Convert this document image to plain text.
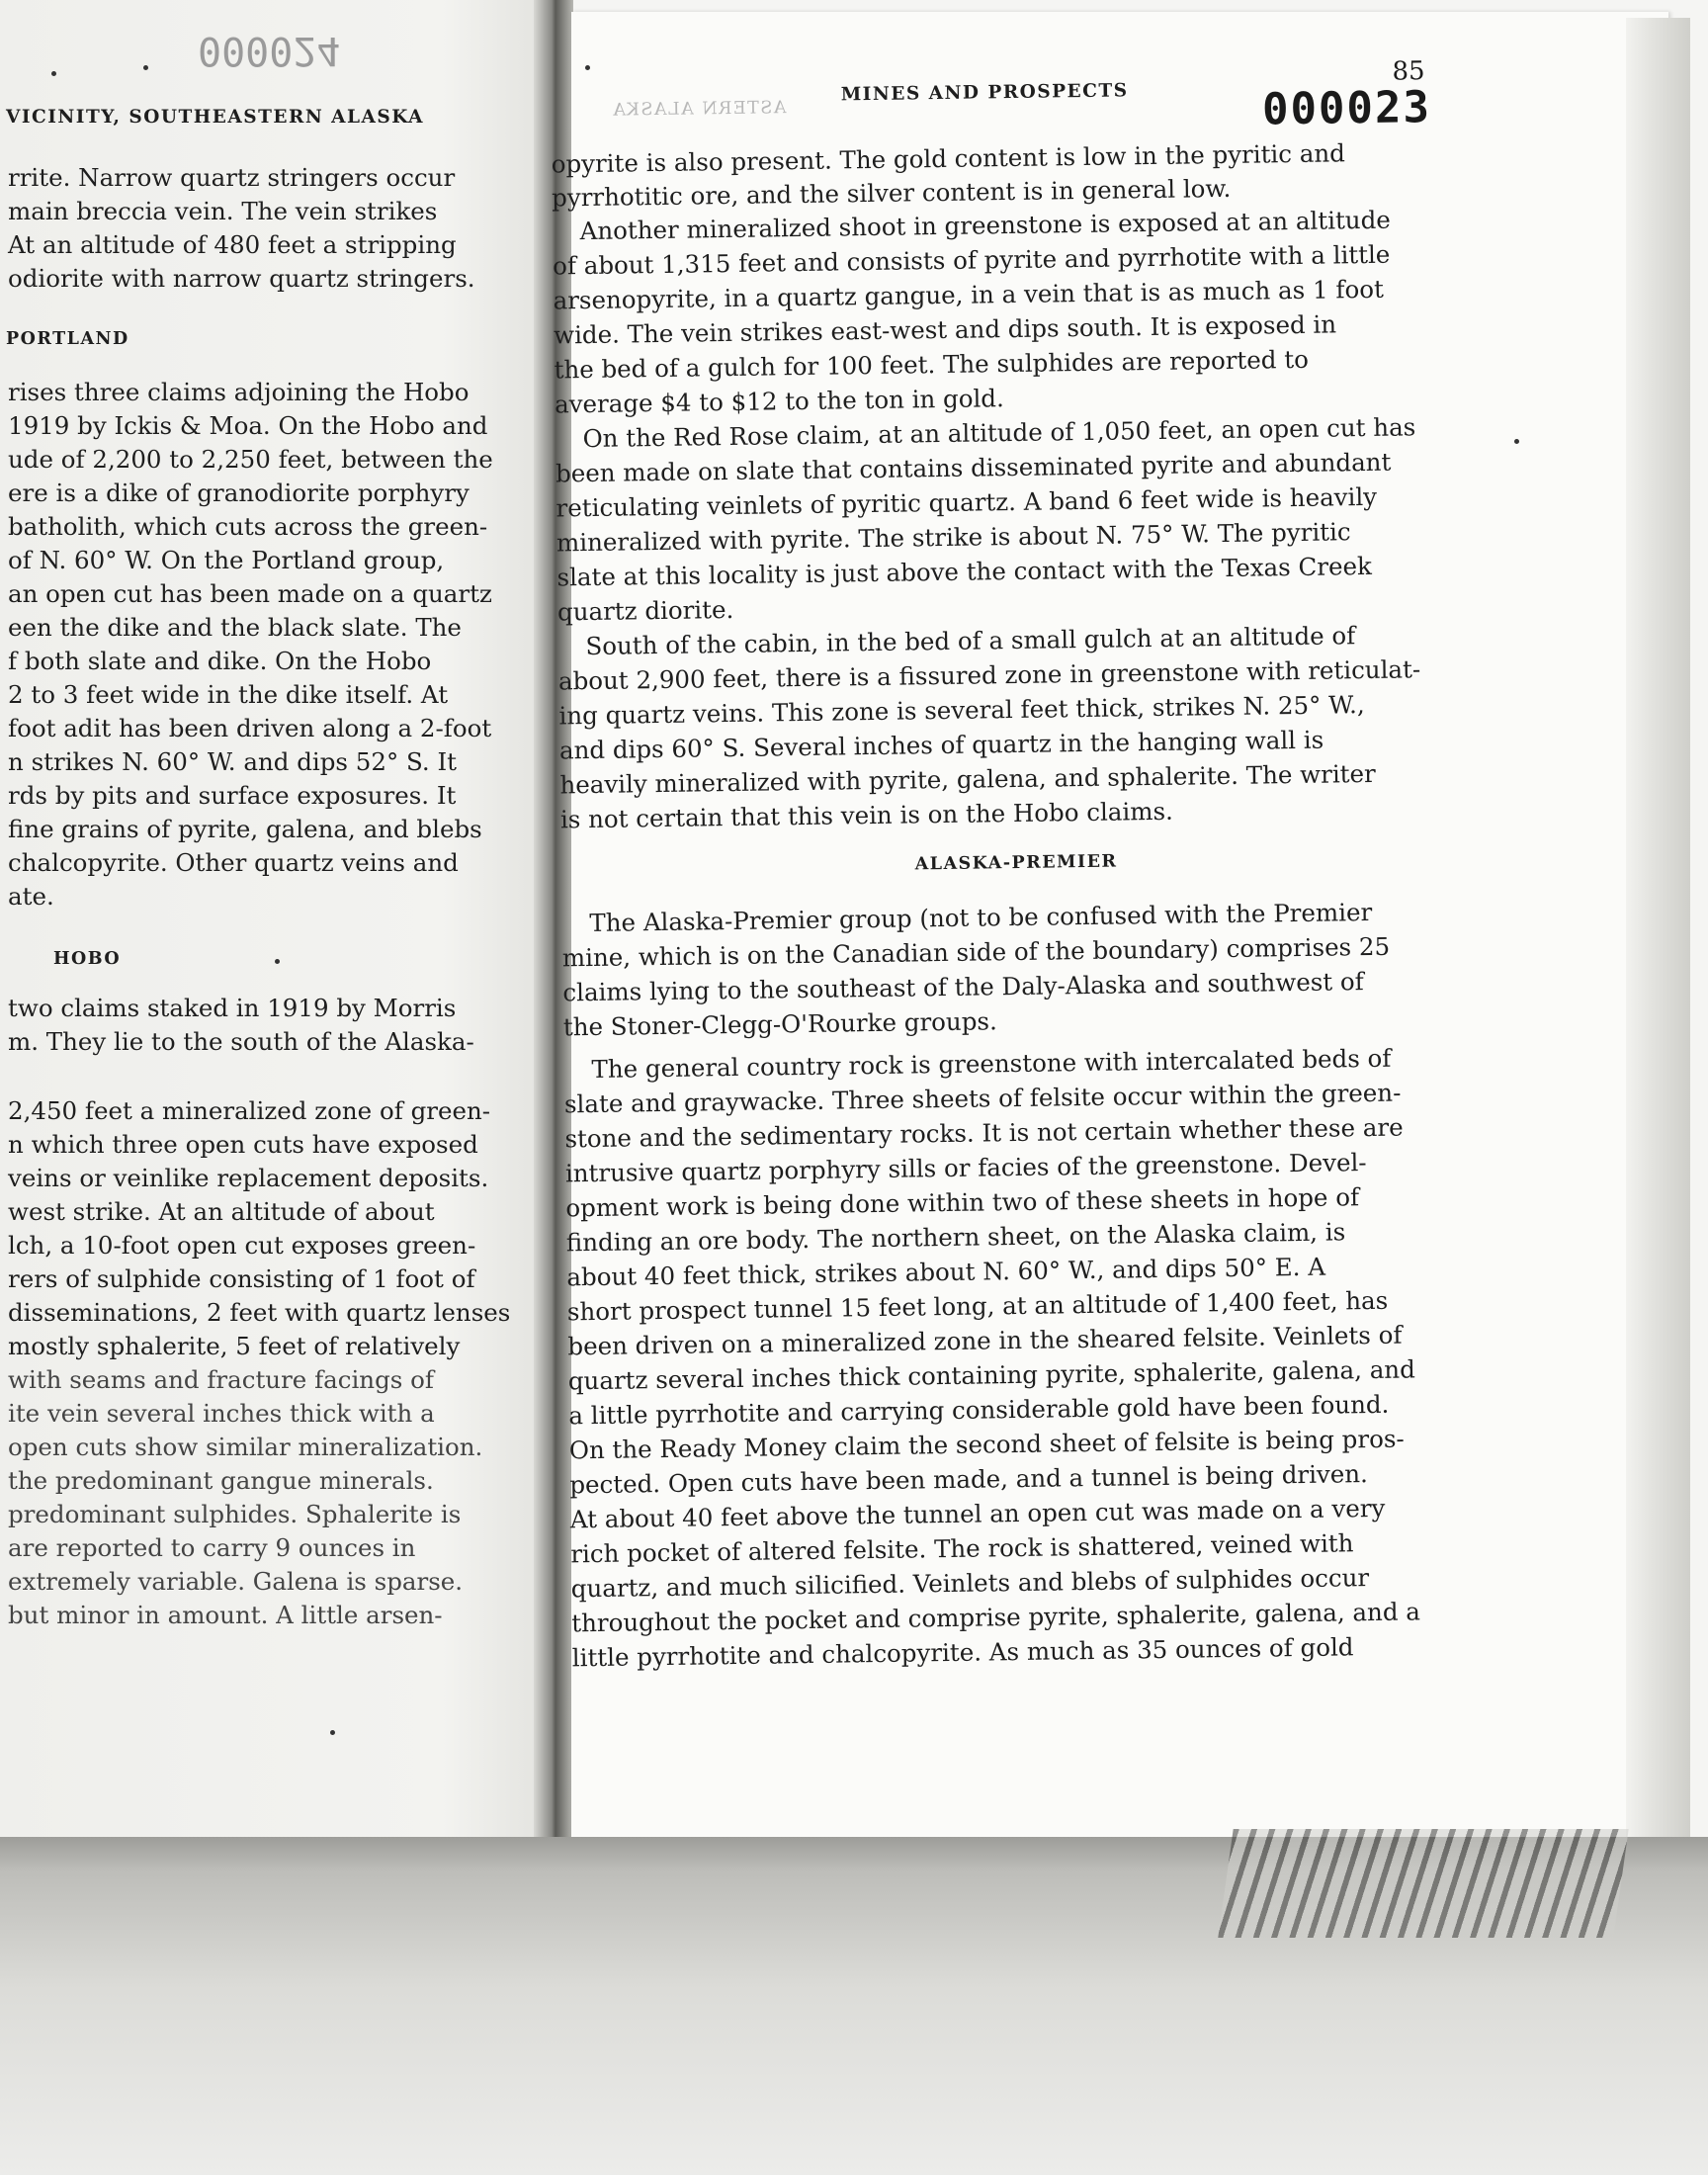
000024
VICINITY, SOUTHEASTERN ALASKA
rrite. Narrow quartz stringers occur
main breccia vein. The vein strikes
At an altitude of 480 feet a stripping
odiorite with narrow quartz stringers.
PORTLAND
rises three claims adjoining the Hobo
1919 by Ickis & Moa. On the Hobo and
ude of 2,200 to 2,250 feet, between the
ere is a dike of granodiorite porphyry
batholith, which cuts across the green-
of N. 60° W. On the Portland group,
an open cut has been made on a quartz
een the dike and the black slate. The
f both slate and dike. On the Hobo
2 to 3 feet wide in the dike itself. At
foot adit has been driven along a 2-foot
n strikes N. 60° W. and dips 52° S. It
rds by pits and surface exposures. It
fine grains of pyrite, galena, and blebs
chalcopyrite. Other quartz veins and
ate.
HOBO
two claims staked in 1919 by Morris
m. They lie to the south of the Alaska-
2,450 feet a mineralized zone of green-
n which three open cuts have exposed
veins or veinlike replacement deposits.
west strike. At an altitude of about
lch, a 10-foot open cut exposes green-
rers of sulphide consisting of 1 foot of
disseminations, 2 feet with quartz lenses
mostly sphalerite, 5 feet of relatively
with seams and fracture facings of
ite vein several inches thick with a
open cuts show similar mineralization.
the predominant gangue minerals.
predominant sulphides. Sphalerite is
are reported to carry 9 ounces in
extremely variable. Galena is sparse.
but minor in amount. A little arsen-
ASTERN ALASKA
MINES AND PROSPECTS
85
000023
opyrite is also present. The gold content is low in the pyritic and
pyrrhotitic ore, and the silver content is in general low.
Another mineralized shoot in greenstone is exposed at an altitude
of about 1,315 feet and consists of pyrite and pyrrhotite with a little
arsenopyrite, in a quartz gangue, in a vein that is as much as 1 foot
wide. The vein strikes east-west and dips south. It is exposed in
the bed of a gulch for 100 feet. The sulphides are reported to
average $4 to $12 to the ton in gold.
On the Red Rose claim, at an altitude of 1,050 feet, an open cut has
been made on slate that contains disseminated pyrite and abundant
reticulating veinlets of pyritic quartz. A band 6 feet wide is heavily
mineralized with pyrite. The strike is about N. 75° W. The pyritic
slate at this locality is just above the contact with the Texas Creek
quartz diorite.
South of the cabin, in the bed of a small gulch at an altitude of
about 2,900 feet, there is a fissured zone in greenstone with reticulat-
ing quartz veins. This zone is several feet thick, strikes N. 25° W.,
and dips 60° S. Several inches of quartz in the hanging wall is
heavily mineralized with pyrite, galena, and sphalerite. The writer
is not certain that this vein is on the Hobo claims.
ALASKA-PREMIER
The Alaska-Premier group (not to be confused with the Premier
mine, which is on the Canadian side of the boundary) comprises 25
claims lying to the southeast of the Daly-Alaska and southwest of
the Stoner-Clegg-O'Rourke groups.
The general country rock is greenstone with intercalated beds of
slate and graywacke. Three sheets of felsite occur within the green-
stone and the sedimentary rocks. It is not certain whether these are
intrusive quartz porphyry sills or facies of the greenstone. Devel-
opment work is being done within two of these sheets in hope of
finding an ore body. The northern sheet, on the Alaska claim, is
about 40 feet thick, strikes about N. 60° W., and dips 50° E. A
short prospect tunnel 15 feet long, at an altitude of 1,400 feet, has
been driven on a mineralized zone in the sheared felsite. Veinlets of
quartz several inches thick containing pyrite, sphalerite, galena, and
a little pyrrhotite and carrying considerable gold have been found.
On the Ready Money claim the second sheet of felsite is being pros-
pected. Open cuts have been made, and a tunnel is being driven.
At about 40 feet above the tunnel an open cut was made on a very
rich pocket of altered felsite. The rock is shattered, veined with
quartz, and much silicified. Veinlets and blebs of sulphides occur
throughout the pocket and comprise pyrite, sphalerite, galena, and a
little pyrrhotite and chalcopyrite. As much as 35 ounces of gold
